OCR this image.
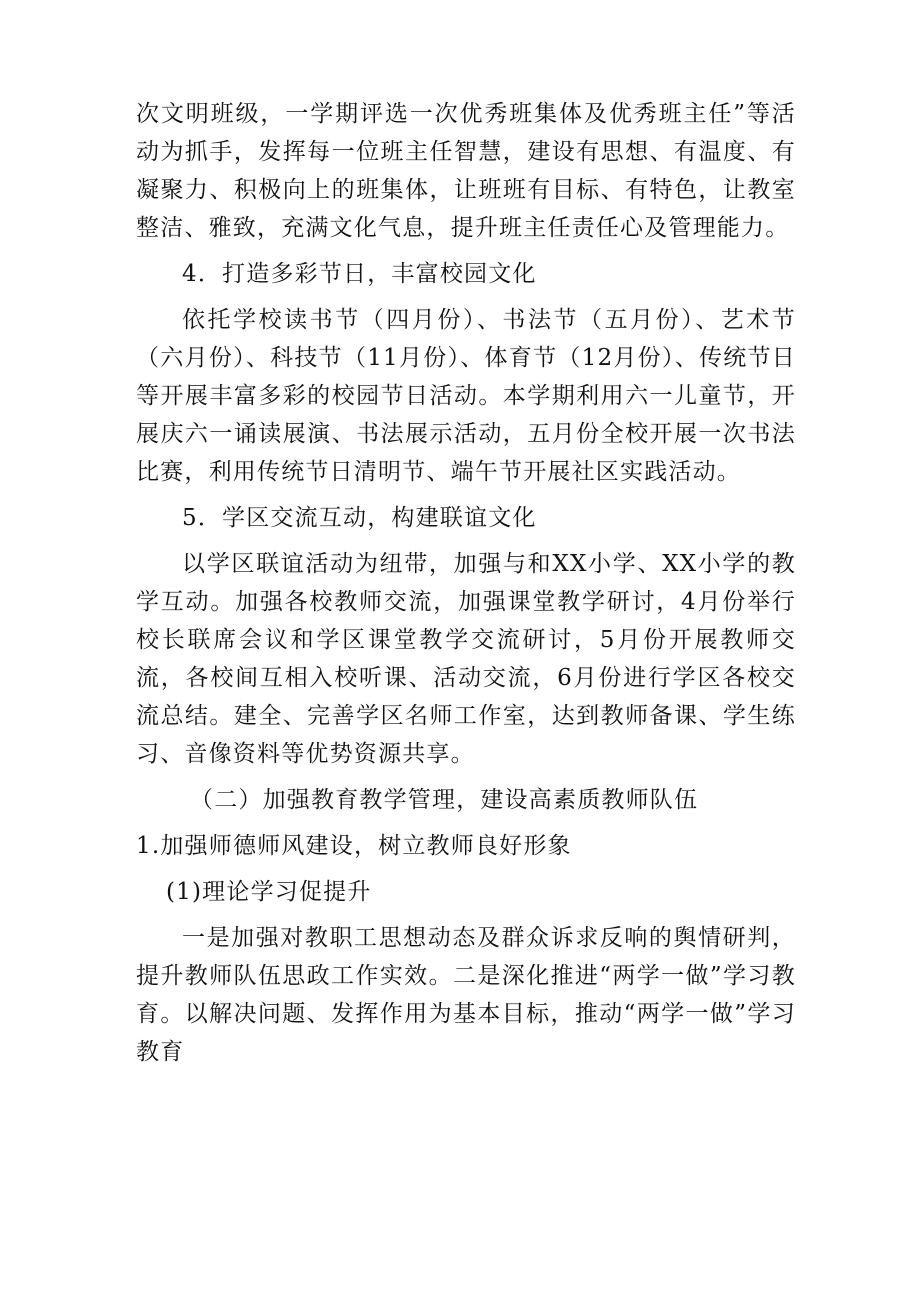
次文明班级，一学期评选一次优秀班集体及优秀班主任”等活动为抓手，发挥每一位班主任智慧，建设有思想、有温度、有凝聚力、积极向上的班集体，让班班有目标、有特色，让教室整洁、雅致，充满文化气息，提升班主任责任心及管理能力。

4．打造多彩节日，丰富校园文化

依托学校读书节（四月份）、书法节（五月份）、艺术节（六月份）、科技节（11月份）、体育节（12月份）、传统节日等开展丰富多彩的校园节日活动。本学期利用六一儿童节，开展庆六一诵读展演、书法展示活动，五月份全校开展一次书法比赛，利用传统节日清明节、端午节开展社区实践活动。

5．学区交流互动，构建联谊文化

以学区联谊活动为纽带，加强与和XX小学、XX小学的教学互动。加强各校教师交流，加强课堂教学研讨，4月份举行校长联席会议和学区课堂教学交流研讨，5月份开展教师交流，各校间互相入校听课、活动交流，6月份进行学区各校交流总结。建全、完善学区名师工作室，达到教师备课、学生练习、音像资料等优势资源共享。

（二）加强教育教学管理，建设高素质教师队伍

1.加强师德师风建设，树立教师良好形象

(1)理论学习促提升

一是加强对教职工思想动态及群众诉求反响的舆情研判，提升教师队伍思政工作实效。二是深化推进“两学一做”学习教育。以解决问题、发挥作用为基本目标，推动“两学一做”学习教育
